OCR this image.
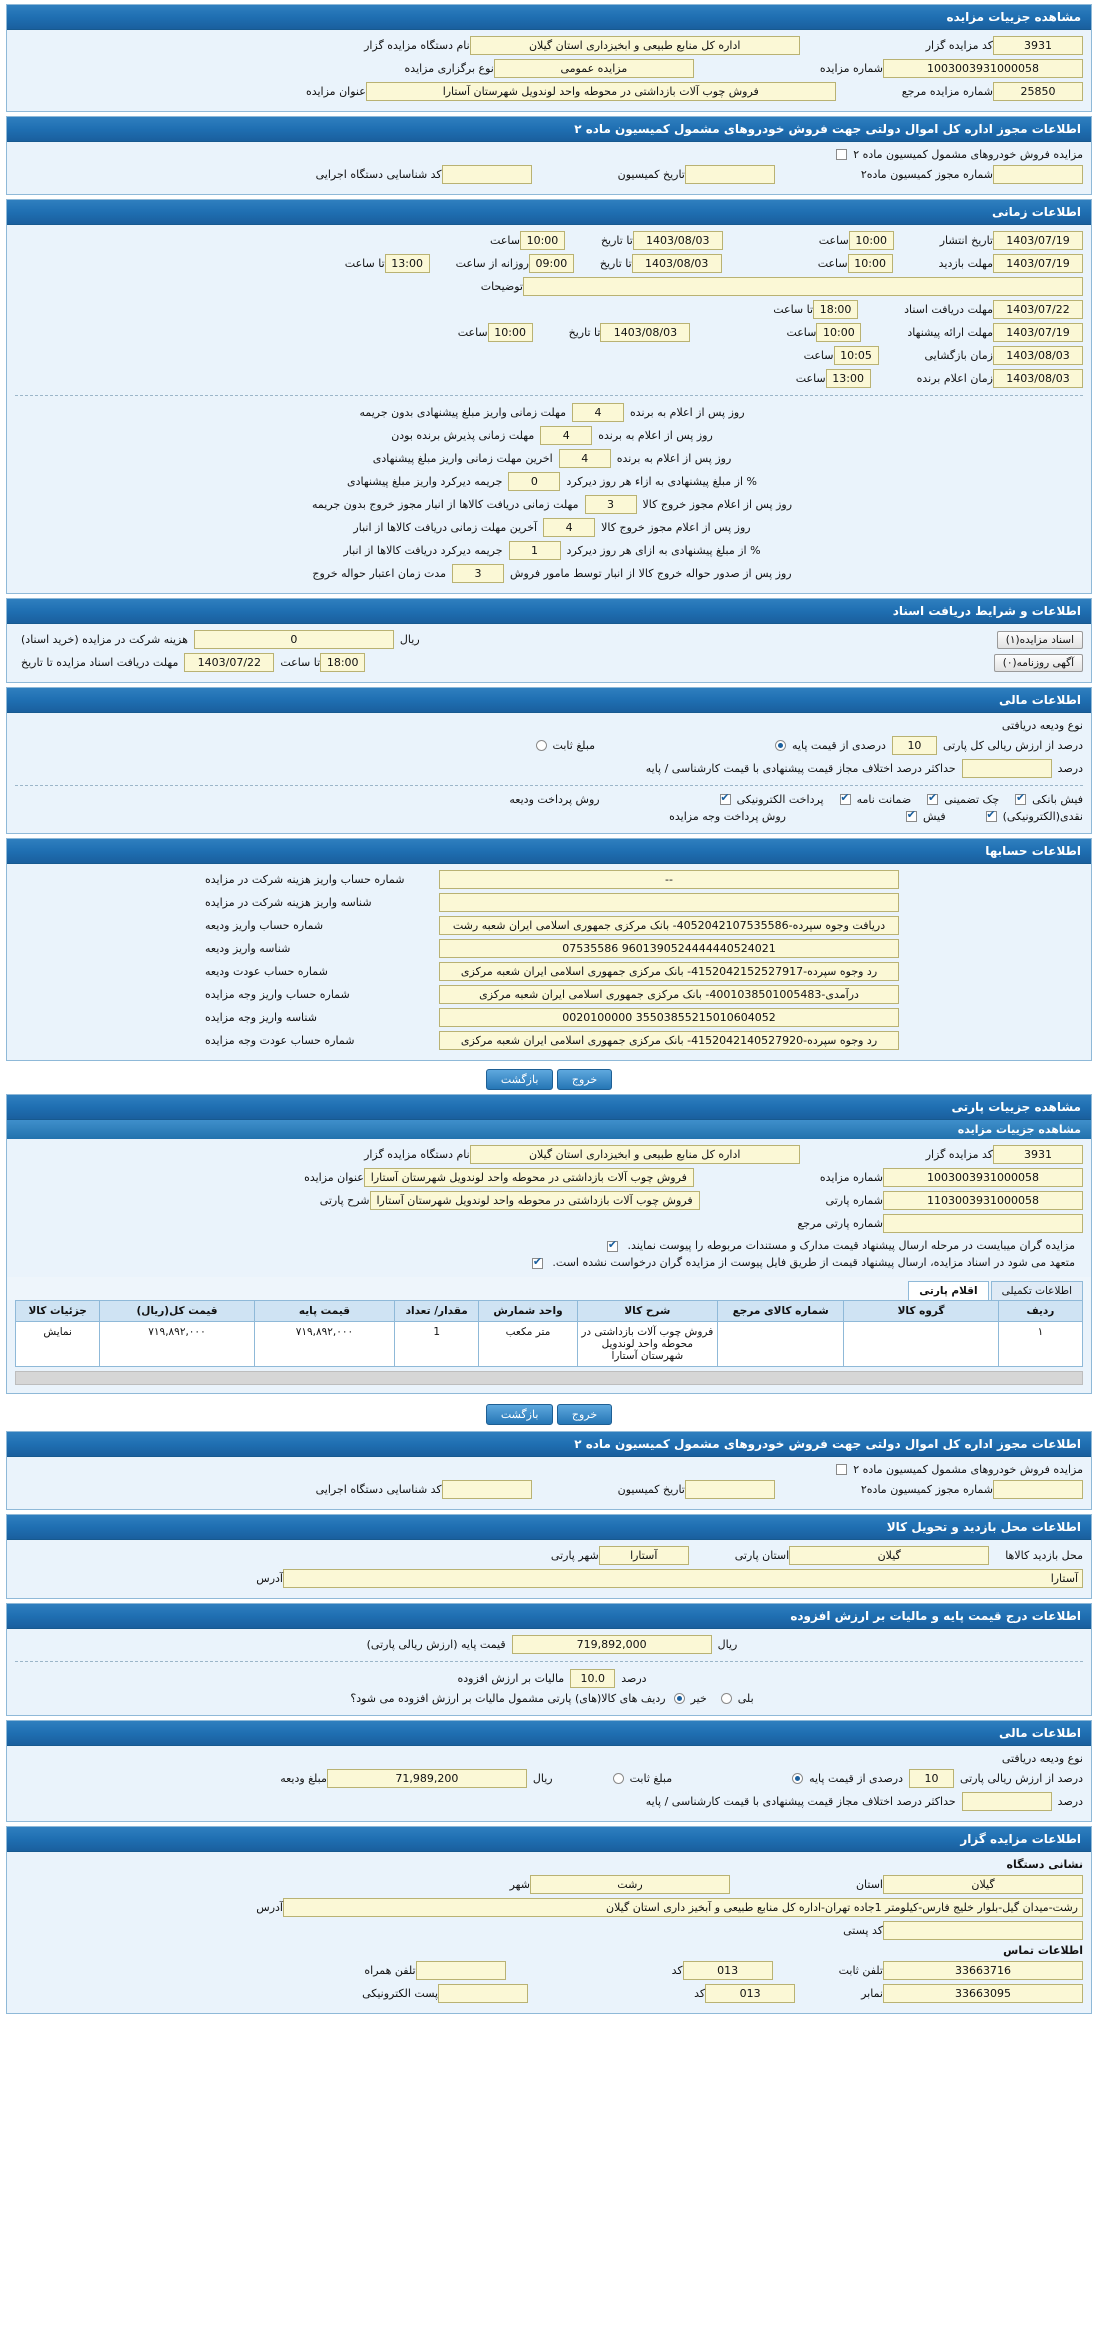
مشاهده جزییات مزایده
3931
کد مزایده گزار
اداره کل منابع طبیعی و ابخیزداری استان گیلان
نام دستگاه مزایده گزار
1003003931000058
شماره مزایده
مزایده عمومی
نوع برگزاری مزایده
25850
شماره مزایده مرجع
فروش چوب آلات بازداشتی در محوطه واحد لوندویل شهرستان آستارا
عنوان مزایده
اطلاعات مجوز اداره کل اموال دولتی جهت فروش خودروهای مشمول کمیسیون ماده ۲
مزایده فروش خودروهای مشمول کمیسیون ماده ۲
شماره مجوز کمیسیون ماده۲
تاریخ کمیسیون
کد شناسایی دستگاه اجرایی
اطلاعات زمانی
1403/07/19
تاریخ انتشار
10:00
ساعت
1403/08/03
تا تاریخ
10:00
ساعت
1403/07/19
مهلت بازدید
10:00
ساعت
1403/08/03
تا تاریخ
09:00
روزانه از ساعت
13:00
تا ساعت
توضیحات
1403/07/22
مهلت دریافت اسناد
18:00
تا ساعت
1403/07/19
مهلت ارائه پیشنهاد
10:00
ساعت
1403/08/03
تا تاریخ
10:00
ساعت
1403/08/03
زمان بازگشایی
10:05
ساعت
1403/08/03
زمان اعلام برنده
13:00
ساعت
روز پس از اعلام به برنده
4
مهلت زمانی واریز مبلغ پیشنهادی بدون جریمه
روز پس از اعلام به برنده
4
مهلت زمانی پذیرش برنده بودن
روز پس از اعلام به برنده
4
اخرین مهلت زمانی واریز مبلغ پیشنهادی
% از مبلغ پیشنهادی به ازاء هر روز دیرکرد
0
جریمه دیرکرد واریز مبلغ پیشنهادی
روز پس از اعلام مجوز خروج کالا
3
مهلت زمانی دریافت کالاها از انبار مجوز خروج بدون جریمه
روز پس از اعلام مجوز خروج کالا
4
آخرین مهلت زمانی دریافت کالاها از انبار
% از مبلغ پیشنهادی به ازای هر روز دیرکرد
1
جریمه دیرکرد دریافت کالاها از انبار
روز پس از صدور حواله خروج کالا از انبار توسط مامور فروش
3
مدت زمان اعتبار حواله خروج
اطلاعات و شرایط دریافت اسناد
اسناد مزایده(۱)
ریال
0
هزینه شرکت در مزایده (خرید اسناد)
آگهی روزنامه(۰)
18:00
تا ساعت
1403/07/22
مهلت دریافت اسناد مزایده تا تاریخ
اطلاعات مالی
نوع ودیعه دریافتی
درصد از ارزش ریالی کل پارتی
10
درصدی از قیمت پایه
مبلغ ثابت
درصد
حداکثر درصد اختلاف مجاز قیمت پیشنهادی با قیمت کارشناسی / پایه
فیش بانکی
✔
چک تضمینی
✔
ضمانت نامه
✔
پرداخت الکترونیکی
✔
روش پرداخت ودیعه
نقدی(الکترونیکی)
✔
فیش
✔
روش پرداخت وجه مزایده
اطلاعات حسابها
--
شماره حساب واریز هزینه شرکت در مزایده
شناسه واریز هزینه شرکت در مزایده
دریافت وجوه سپرده-4052042107535586- بانک مرکزی جمهوری اسلامی ایران شعبه رشت
شماره حساب واریز ودیعه
9601390524444440524021 07535586
شناسه واریز ودیعه
رد وجوه سپرده-4152042152527917- بانک مرکزی جمهوری اسلامی ایران شعبه مرکزی
شماره حساب عودت ودیعه
درآمدی-4001038501005483- بانک مرکزی جمهوری اسلامی ایران شعبه مرکزی
شماره حساب واریز وجه مزایده
35503855215010604052 0020100000
شناسه واریز وجه مزایده
رد وجوه سپرده-4152042140527920- بانک مرکزی جمهوری اسلامی ایران شعبه مرکزی
شماره حساب عودت وجه مزایده
خروج بازگشت
مشاهده جزییات پارتی
مشاهده جزییات مزایده
3931
کد مزایده گزار
اداره کل منابع طبیعی و ابخیزداری استان گیلان
نام دستگاه مزایده گزار
1003003931000058
شماره مزایده
فروش چوب آلات بازداشتی در محوطه واحد لوندویل شهرستان آستارا
عنوان مزایده
1103003931000058
شماره پارتی
فروش چوب آلات بازداشتی در محوطه واحد لوندویل شهرستان آستارا
شرح پارتی
شماره پارتی مرجع
مزایده گران میبایست در مرحله ارسال پیشنهاد قیمت مدارک و مستندات مربوطه را پیوست نمایند. ✔
متعهد می شود در اسناد مزایده، ارسال پیشنهاد قیمت از طریق فایل پیوست از مزایده گران درخواست نشده است. ✔
اطلاعات تکمیلی
اقلام پارتی
ردیف	گروه کالا	شماره کالای مرجع	شرح کالا	واحد شمارش	مقدار/ تعداد	قیمت پایه	قیمت کل(ریال)	جزئیات کالا
۱			فروش چوب آلات بازداشتی در محوطه واحد لوندویل شهرستان آستارا	متر مکعب	1	۷۱۹,۸۹۲,۰۰۰	۷۱۹,۸۹۲,۰۰۰	نمایش
خروج بازگشت
اطلاعات مجوز اداره کل اموال دولتی جهت فروش خودروهای مشمول کمیسیون ماده ۲
مزایده فروش خودروهای مشمول کمیسیون ماده ۲
شماره مجوز کمیسیون ماده۲
تاریخ کمیسیون
کد شناسایی دستگاه اجرایی
اطلاعات محل بازدید و تحویل کالا
محل بازدید کالاها
گیلان
استان پارتی
آستارا
شهر پارتی
آستارا
آدرس
اطلاعات درج قیمت پایه و مالیات بر ارزش افزوده
ریال
719,892,000
قیمت پایه (ارزش ریالی پارتی)
درصد
10.0
مالیات بر ارزش افزوده
بلی
خیر
ردیف های کالا(های) پارتی مشمول مالیات بر ارزش افزوده می شود؟
اطلاعات مالی
نوع ودیعه دریافتی
درصد از ارزش ریالی پارتی
10
درصدی از قیمت پایه
مبلغ ثابت
ریال
71,989,200
مبلغ ودیعه
درصد
حداکثر درصد اختلاف مجاز قیمت پیشنهادی با قیمت کارشناسی / پایه
اطلاعات مزایده گزار
نشانی دستگاه
گیلان
استان
رشت
شهر
رشت-میدان گیل-بلوار خلیج فارس-کیلومتر 1جاده تهران-اداره کل منابع طبیعی و آبخیز داری استان گیلان
آدرس
کد پستی
اطلاعات تماس
33663716
تلفن ثابت
013
کد
تلفن همراه
33663095
نمابر
013
کد
پست الکترونیکی
